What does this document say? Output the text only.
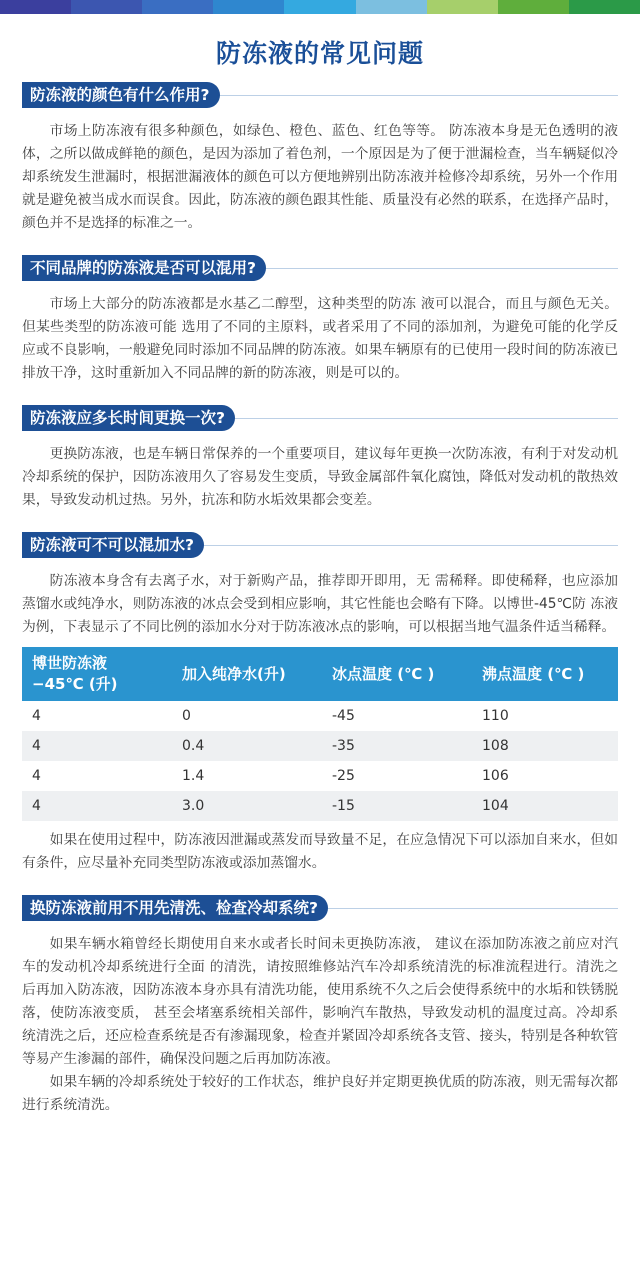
防冻液的常见问题
防冻液的颜色有什么作用?

市场上防冻液有很多种颜色，如绿色、橙色、蓝色、红色等等。 防冻液本身是无色透明的液体，之所以做成鲜艳的颜色，是因为添加了着色剂，一个原因是为了便于泄漏检查，当车辆疑似冷却系统发生泄漏时，根据泄漏液体的颜色可以方便地辨别出防冻液并检修冷却系统，另外一个作用就是避免被当成水而误食。因此，防冻液的颜色跟其性能、质量没有必然的联系，在选择产品时，颜色并不是选择的标准之一。

不同品牌的防冻液是否可以混用?

市场上大部分的防冻液都是水基乙二醇型，这种类型的防冻 液可以混合，而且与颜色无关。但某些类型的防冻液可能 选用了不同的主原料，或者采用了不同的添加剂，为避免可能的化学反应或不良影响，一般避免同时添加不同品牌的防冻液。如果车辆原有的已使用一段时间的防冻液已排放干净，这时重新加入不同品牌的新的防冻液，则是可以的。

防冻液应多长时间更换一次?

更换防冻液，也是车辆日常保养的一个重要项目，建议每年更换一次防冻液，有利于对发动机冷却系统的保护，因防冻液用久了容易发生变质，导致金属部件氧化腐蚀，降低对发动机的散热效果，导致发动机过热。另外，抗冻和防水垢效果都会变差。

防冻液可不可以混加水?

防冻液本身含有去离子水，对于新购产品，推荐即开即用，无 需稀释。即使稀释，也应添加蒸馏水或纯净水，则防冻液的冰点会受到相应影响，其它性能也会略有下降。以博世-45℃防 冻液为例，下表显示了不同比例的添加水分对于防冻液冰点的影响，可以根据当地气温条件适当稀释。

博世防冻液
−45℃ (升)	加入纯净水(升)	冰点温度 (℃ )	沸点温度 (℃ )
4	0	-45	110
4	0.4	-35	108
4	1.4	-25	106
4	3.0	-15	104

如果在使用过程中，防冻液因泄漏或蒸发而导致量不足，在应急情况下可以添加自来水，但如有条件，应尽量补充同类型防冻液或添加蒸馏水。

换防冻液前用不用先清洗、检查冷却系统?

如果车辆水箱曾经长期使用自来水或者长时间未更换防冻液， 建议在添加防冻液之前应对汽车的发动机冷却系统进行全面 的清洗，请按照维修站汽车冷却系统清洗的标准流程进行。清洗之后再加入防冻液，因防冻液本身亦具有清洗功能，使用系统不久之后会使得系统中的水垢和铁锈脱落，使防冻液变质， 甚至会堵塞系统相关部件，影响汽车散热，导致发动机的温度过高。冷却系统清洗之后，还应检查系统是否有渗漏现象，检查并紧固冷却系统各支管、接头，特别是各种软管等易产生渗漏的部件，确保没问题之后再加防冻液。

如果车辆的冷却系统处于较好的工作状态，维护良好并定期更换优质的防冻液，则无需每次都进行系统清洗。
